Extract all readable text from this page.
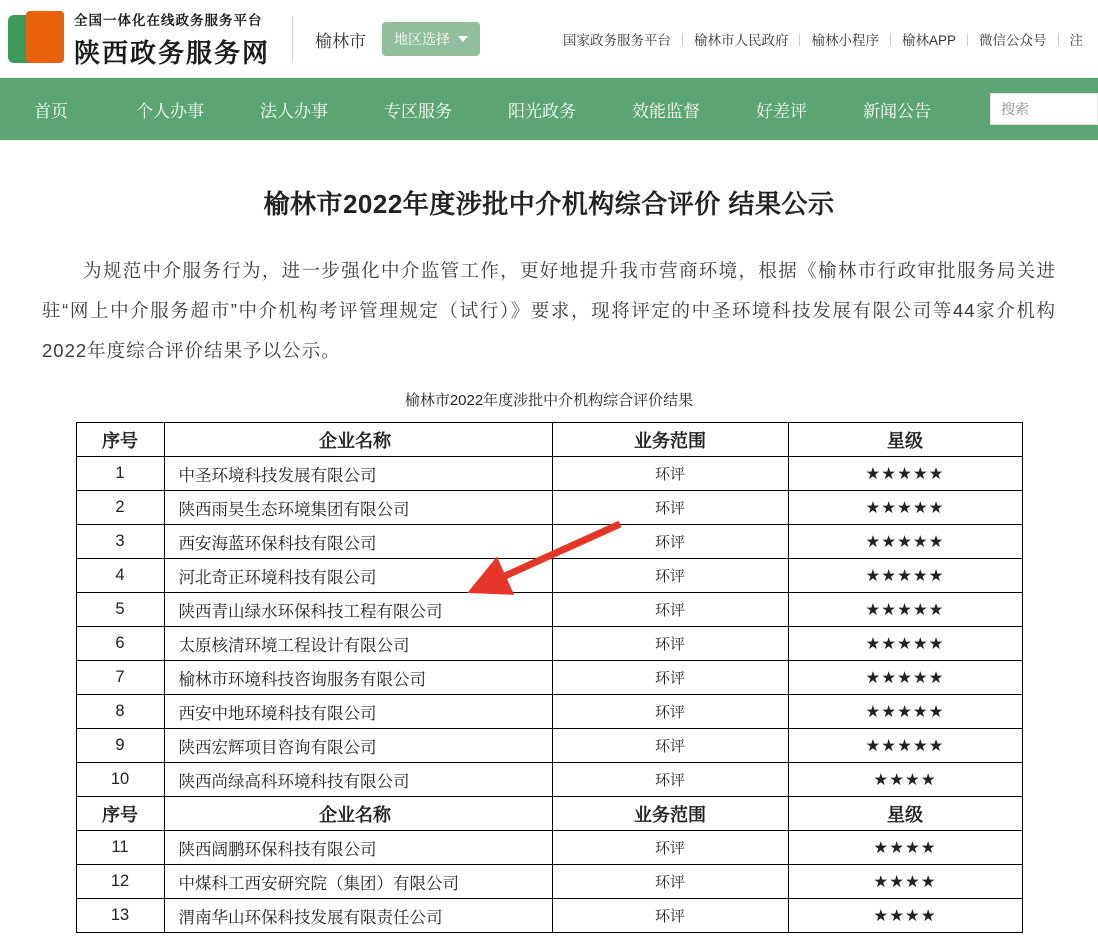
全国一体化在线政务服务平台
陕西政务服务网	榆林市 地区选择	国家政务服务平台	榆林市人民政府	榆林小程序	榆林APP	微信公众号	注
首页	个人办事	法人办事	专区服务	阳光政务	效能监督	好差评	新闻公告	搜索
榆林市2022年度涉批中介机构综合评价 结果公示
为规范中介服务行为，进一步强化中介监管工作，更好地提升我市营商环境，根据《榆林市行政审批服务局关进驻“网上中介服务超市”中介机构考评管理规定（试行）》要求，现将评定的中圣环境科技发展有限公司等44家介机构2022年度综合评价结果予以公示。
榆林市2022年度涉批中介机构综合评价结果
序号	企业名称	业务范围	星级
1	中圣环境科技发展有限公司	环评	★★★★★
2	陕西雨昊生态环境集团有限公司	环评	★★★★★
3	西安海蓝环保科技有限公司	环评	★★★★★
4	河北奇正环境科技有限公司	环评	★★★★★
5	陕西青山绿水环保科技工程有限公司	环评	★★★★★
6	太原核清环境工程设计有限公司	环评	★★★★★
7	榆林市环境科技咨询服务有限公司	环评	★★★★★
8	西安中地环境科技有限公司	环评	★★★★★
9	陕西宏辉项目咨询有限公司	环评	★★★★★
10	陕西尚绿高科环境科技有限公司	环评	★★★★
序号	企业名称	业务范围	星级
11	陕西阔鹏环保科技有限公司	环评	★★★★
12	中煤科工西安研究院（集团）有限公司	环评	★★★★
13	渭南华山环保科技发展有限责任公司	环评	★★★★
